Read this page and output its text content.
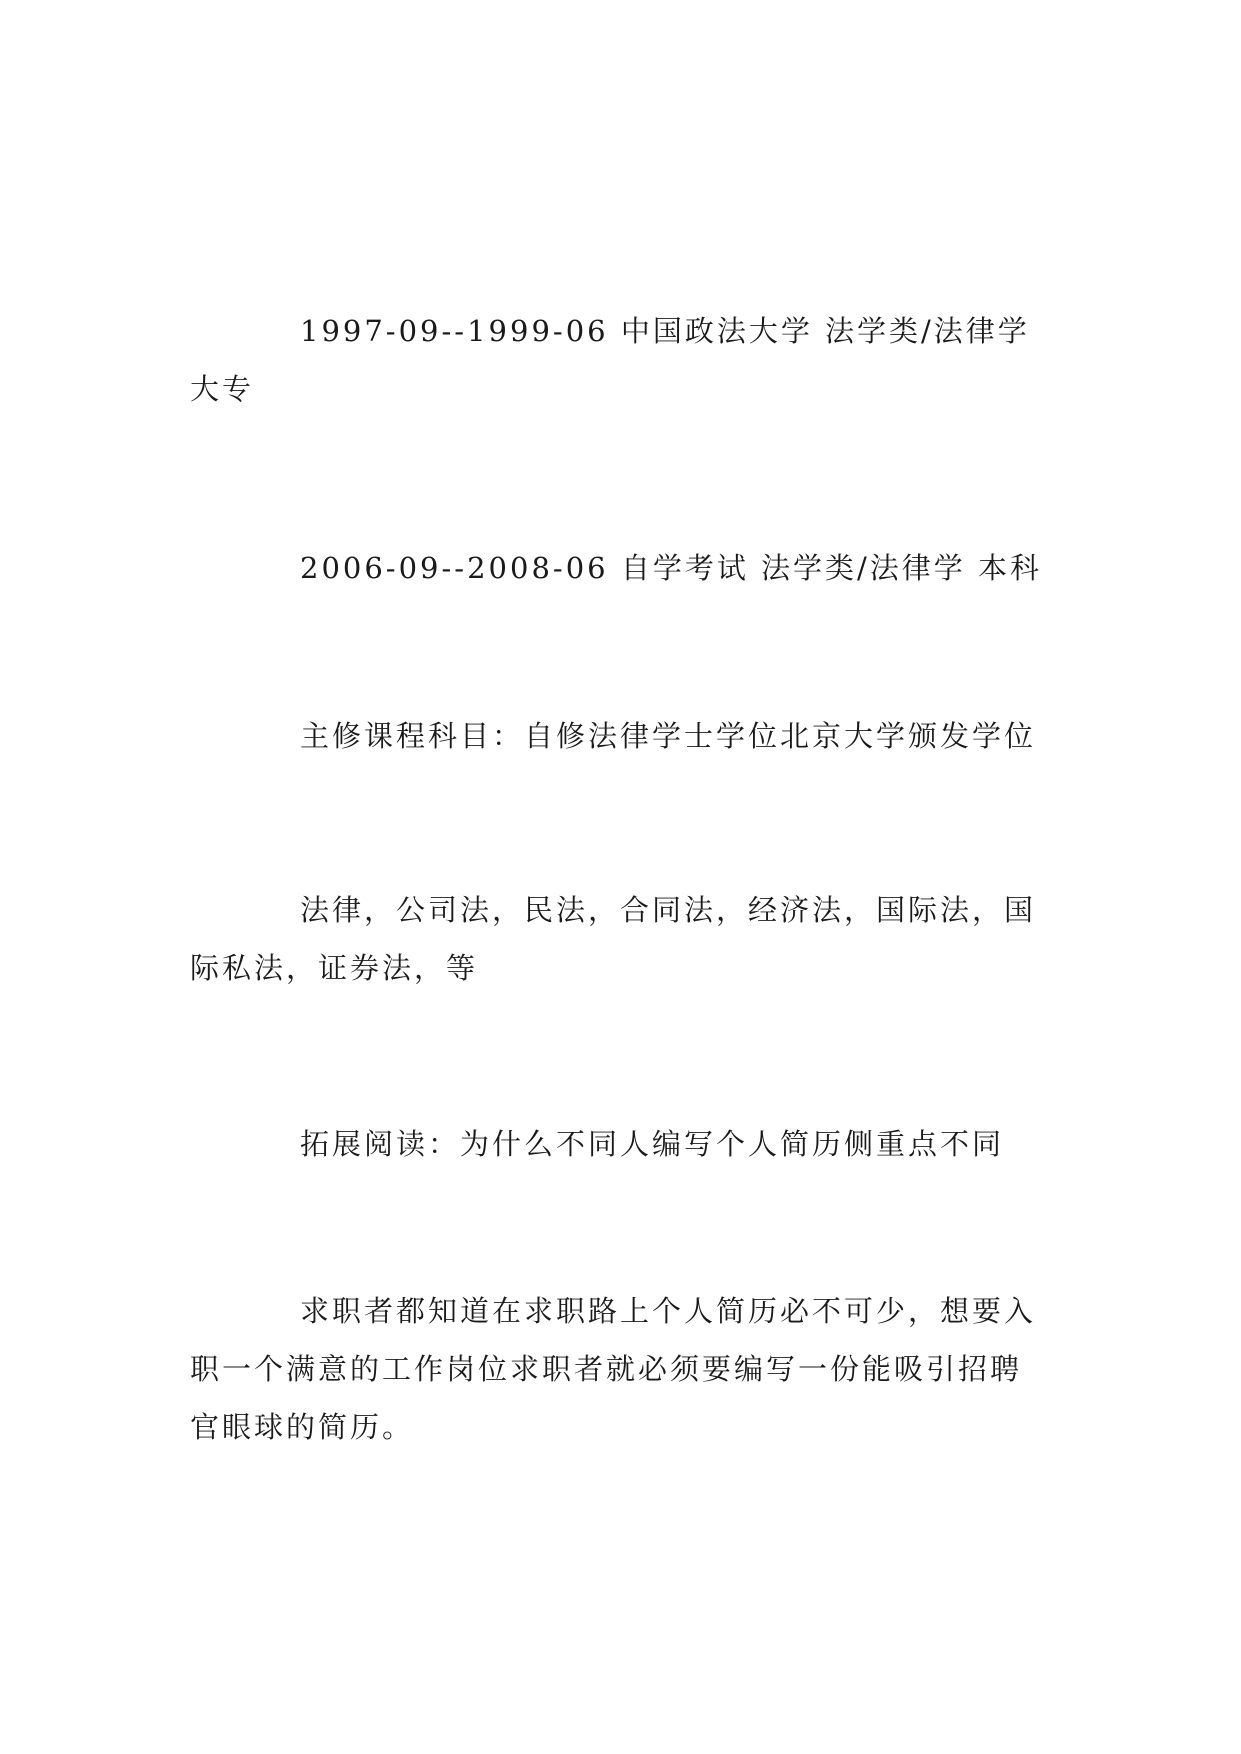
1997-09--1999-06 中国政法大学 法学类/法律学大专

2006-09--2008-06 自学考试 法学类/法律学 本科

主修课程科目：自修法律学士学位北京大学颁发学位

法律，公司法，民法，合同法，经济法，国际法，国际私法，证券法，等

拓展阅读：为什么不同人编写个人简历侧重点不同

求职者都知道在求职路上个人简历必不可少，想要入职一个满意的工作岗位求职者就必须要编写一份能吸引招聘官眼球的简历。
